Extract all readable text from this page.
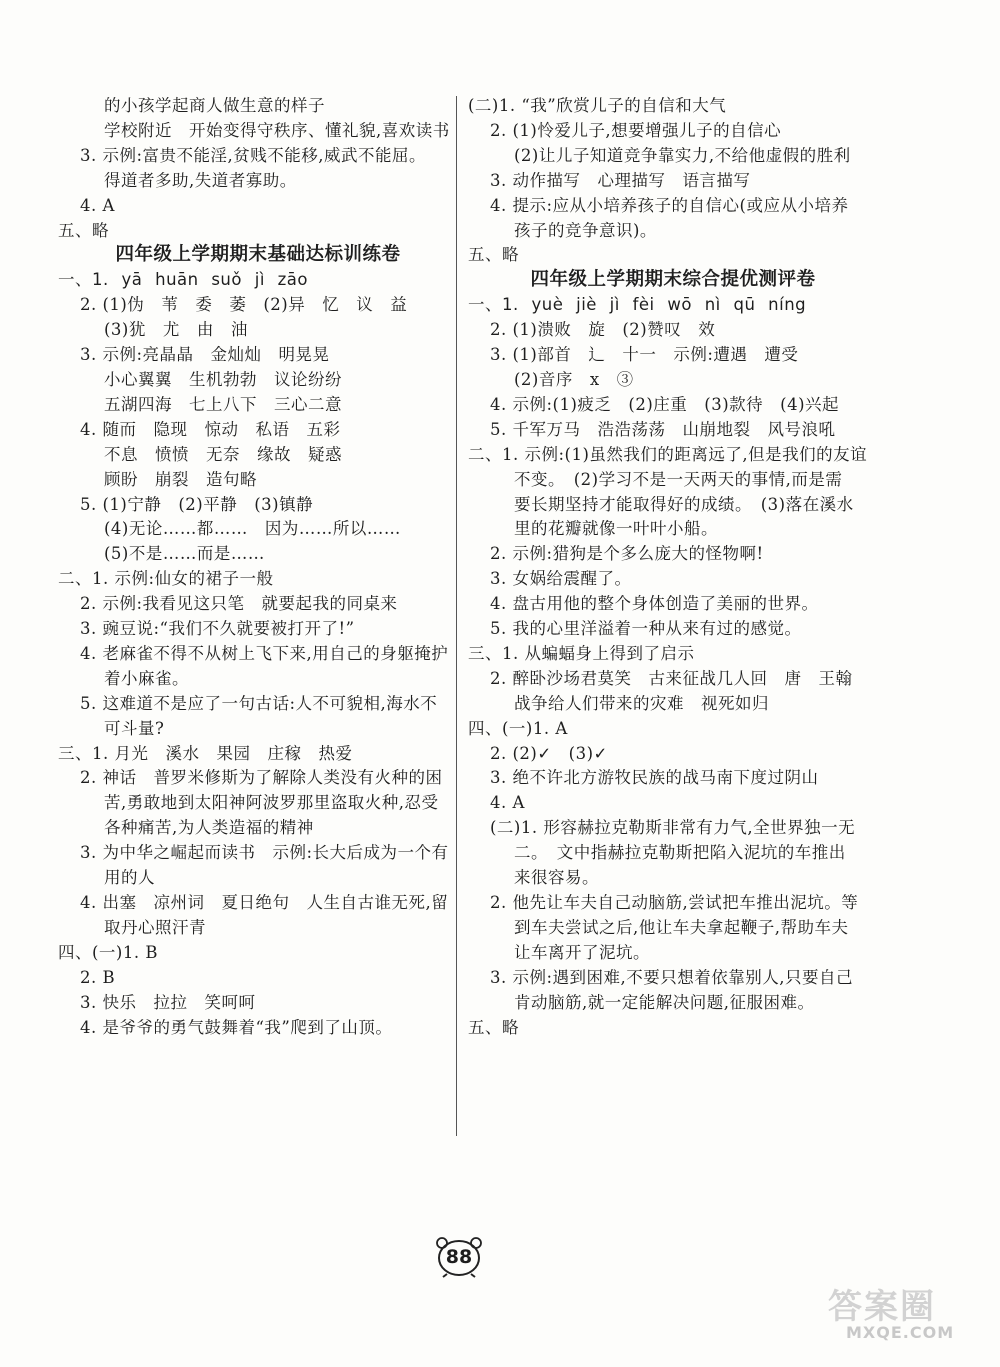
的小孩学起商人做生意的样子
学校附近　开始变得守秩序、懂礼貌,喜欢读书
3. 示例:富贵不能淫,贫贱不能移,威武不能屈。
得道者多助,失道者寡助。
4. A
五、略
四年级上学期期末基础达标训练卷
一、1. yā huān suǒ jì zāo
2. (1)伪　苇　委　萎　(2)异　忆　议　益
(3)犹　尤　由　油
3. 示例:亮晶晶　金灿灿　明晃晃
小心翼翼　生机勃勃　议论纷纷
五湖四海　七上八下　三心二意
4. 随而　隐现　惊动　私语　五彩
不息　愤愤　无奈　缘故　疑惑
顾盼　崩裂　造句略
5. (1)宁静　(2)平静　(3)镇静
(4)无论……都……　因为……所以……
(5)不是……而是……
二、1. 示例:仙女的裙子一般
2. 示例:我看见这只笔　就要起我的同桌来
3. 豌豆说:“我们不久就要被打开了!”
4. 老麻雀不得不从树上飞下来,用自己的身躯掩护
着小麻雀。
5. 这难道不是应了一句古话:人不可貌相,海水不
可斗量?
三、1. 月光　溪水　果园　庄稼　热爱
2. 神话　普罗米修斯为了解除人类没有火种的困
苦,勇敢地到太阳神阿波罗那里盗取火种,忍受
各种痛苦,为人类造福的精神
3. 为中华之崛起而读书　示例:长大后成为一个有
用的人
4. 出塞　凉州词　夏日绝句　人生自古谁无死,留
取丹心照汗青
四、(一)1. B
2. B
3. 快乐　拉拉　笑呵呵
4. 是爷爷的勇气鼓舞着“我”爬到了山顶。
(二)1. “我”欣赏儿子的自信和大气
2. (1)怜爱儿子,想要增强儿子的自信心
(2)让儿子知道竞争靠实力,不给他虚假的胜利
3. 动作描写　心理描写　语言描写
4. 提示:应从小培养孩子的自信心(或应从小培养
孩子的竞争意识)。
五、略
四年级上学期期末综合提优测评卷
一、1. yuè jiè jì fèi wō nì qū níng
2. (1)溃败　旋　(2)赞叹　效
3. (1)部首　辶　十一　示例:遭遇　遭受
(2)音序　x　③
4. 示例:(1)疲乏　(2)庄重　(3)款待　(4)兴起
5. 千军万马　浩浩荡荡　山崩地裂　风号浪吼
二、1. 示例:(1)虽然我们的距离远了,但是我们的友谊
不变。　(2)学习不是一天两天的事情,而是需
要长期坚持才能取得好的成绩。　(3)落在溪水
里的花瓣就像一叶叶小船。
2. 示例:猎狗是个多么庞大的怪物啊!
3. 女娲给震醒了。
4. 盘古用他的整个身体创造了美丽的世界。
5. 我的心里洋溢着一种从来有过的感觉。
三、1. 从蝙蝠身上得到了启示
2. 醉卧沙场君莫笑　古来征战几人回　唐　王翰
战争给人们带来的灾难　视死如归
四、(一)1. A
2. (2)✓　(3)✓
3. 绝不许北方游牧民族的战马南下度过阴山
4. A
(二)1. 形容赫拉克勒斯非常有力气,全世界独一无
二。　文中指赫拉克勒斯把陷入泥坑的车推出
来很容易。
2. 他先让车夫自己动脑筋,尝试把车推出泥坑。等
到车夫尝试之后,他让车夫拿起鞭子,帮助车夫
让车离开了泥坑。
3. 示例:遇到困难,不要只想着依靠别人,只要自己
肯动脑筋,就一定能解决问题,征服困难。
五、略
88
答案圈
MXQE.COM
